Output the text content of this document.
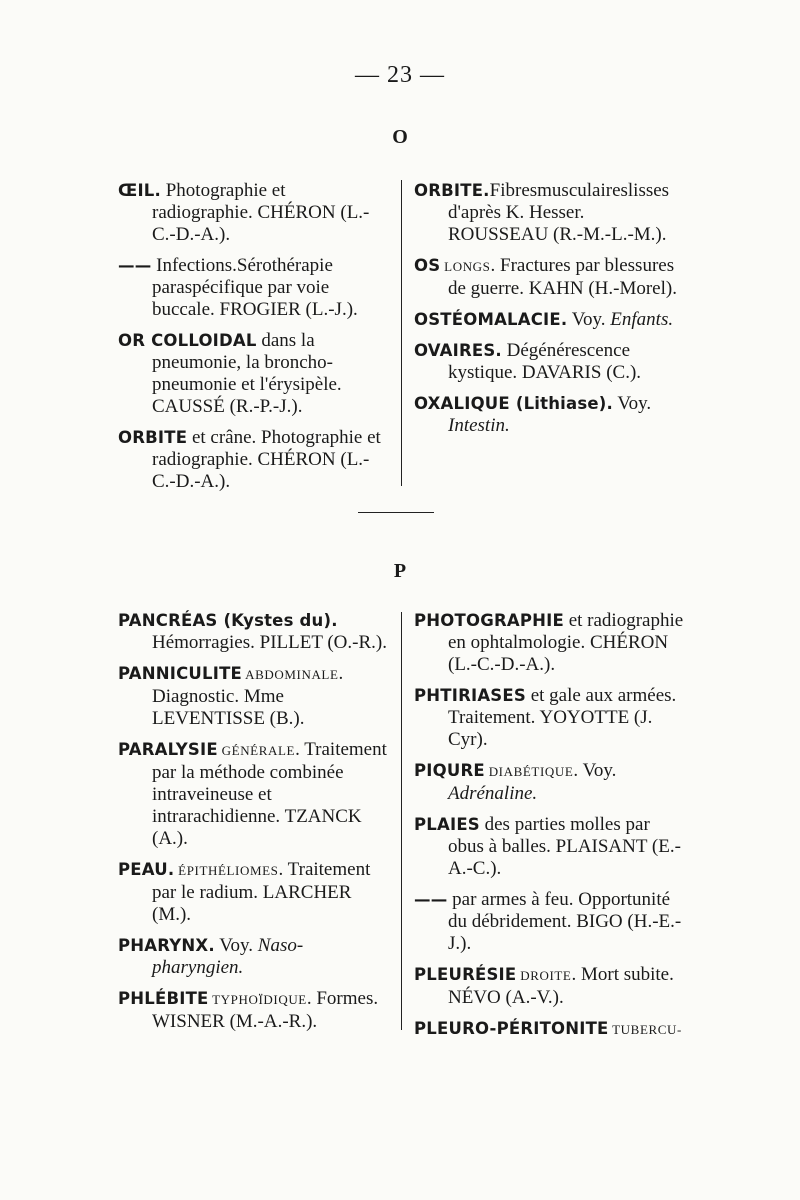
— 23 —
O
ŒIL. Photographie et radiographie. CHÉRON (L.-C.-D.-A.).
—— Infections.Sérothérapie paraspécifique par voie buccale. FROGIER (L.-J.).
OR COLLOIDAL dans la pneumonie, la broncho-pneumonie et l'érysipèle. CAUSSÉ (R.-P.-J.).
ORBITE et crâne. Photographie et radiographie. CHÉRON (L.-C.-D.-A.).
ORBITE.Fibresmusculaireslisses d'après K. Hesser. ROUSSEAU (R.-M.-L.-M.).
OS LONGS. Fractures par blessures de guerre. KAHN (H.-Morel).
OSTÉOMALACIE. Voy. Enfants.
OVAIRES. Dégénérescence kystique. DAVARIS (C.).
OXALIQUE (Lithiase). Voy. Intestin.
P
PANCRÉAS (Kystes du). Hémorragies. PILLET (O.-R.).
PANNICULITE ABDOMINALE. Diagnostic. Mme LEVENTISSE (B.).
PARALYSIE GÉNÉRALE. Traitement par la méthode combinée intraveineuse et intrarachidienne. TZANCK (A.).
PEAU. ÉPITHÉLIOMES. Traitement par le radium. LARCHER (M.).
PHARYNX. Voy. Naso-pharyngien.
PHLÉBITE TYPHOÏDIQUE. Formes. WISNER (M.-A.-R.).
PHOTOGRAPHIE et radiographie en ophtalmologie. CHÉRON (L.-C.-D.-A.).
PHTIRIASES et gale aux armées. Traitement. YOYOTTE (J. Cyr).
PIQURE DIABÉTIQUE. Voy. Adrénaline.
PLAIES des parties molles par obus à balles. PLAISANT (E.-A.-C.).
—— par armes à feu. Opportunité du débridement. BIGO (H.-E.-J.).
PLEURÉSIE DROITE. Mort subite. NÉVO (A.-V.).
PLEURO-PÉRITONITE TUBERCU-
